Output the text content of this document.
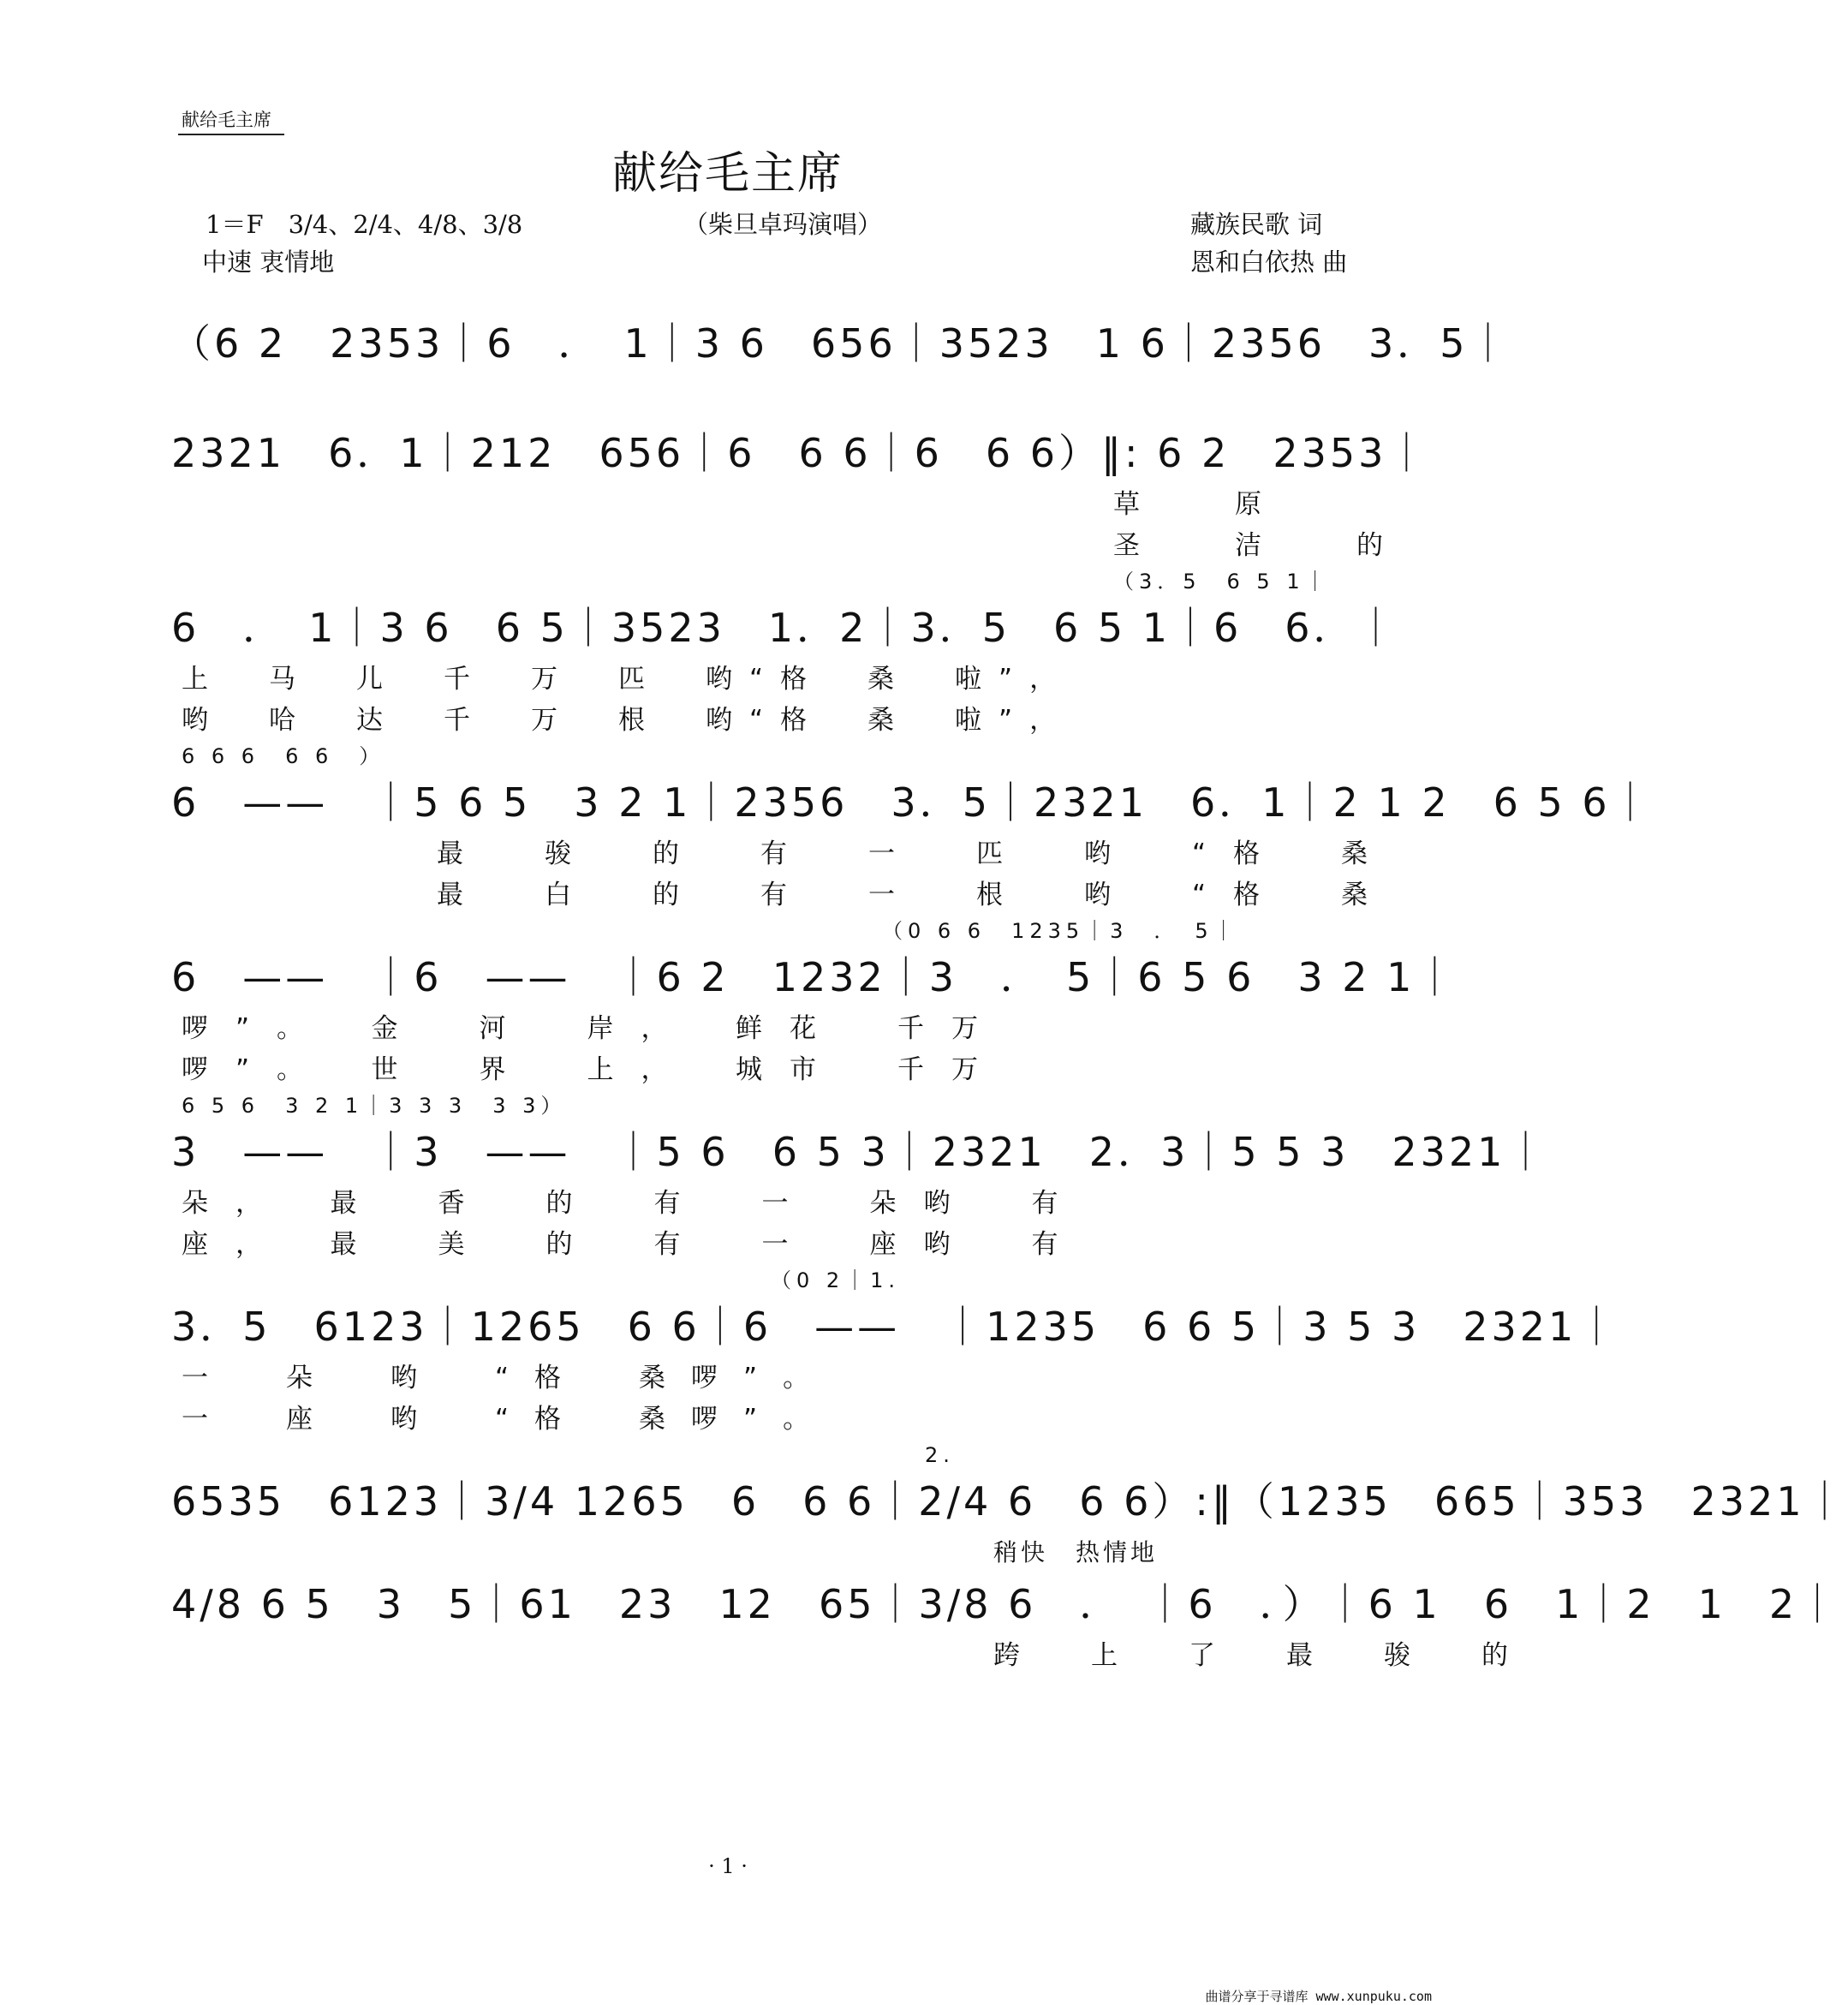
献给毛主席
献给毛主席
1＝F　3/4、2/4、4/8、3/8
中速 衷情地
（柴旦卓玛演唱）	藏族民歌 词
恩和白依热 曲
（6 2　2353｜6　．　1｜3 6　656｜3523　1 6｜2356　3．5｜
2321　6．1｜212　656｜6　6 6｜6　6 6）‖: 6 2　2353｜
草　原
圣　洁　的
（3．5　6 5 1｜
6　．　1｜3 6　6 5｜3523　1．2｜3．5　6 5 1｜6　6．｜
上　马　儿　千　万　匹　哟“格　桑　啦”，
哟　哈　达　千　万　根　哟“格　桑　啦”，
6 6 6　6 6　）
6　——　｜5 6 5　3 2 1｜2356　3．5｜2321　6．1｜2 1 2　6 5 6｜
最　骏　的　有　一　匹　哟　“格　桑
最　白　的　有　一　根　哟　“格　桑
（0 6 6　1235｜3　．　5｜
6　——　｜6　——　｜6 2　1232｜3　．　5｜6 5 6　3 2 1｜
啰”。　金　河　岸，　鲜花　千万
啰”。　世　界　上，　城市　千万
6 5 6　3 2 1｜3 3 3　3 3）
3　——　｜3　——　｜5 6　6 5 3｜2321　2．3｜5 5 3　2321｜
朵，　最　香　的　有　一　朵哟　有
座，　最　美　的　有　一　座哟　有
（0 2｜1.
3．5　6123｜1265　6 6｜6　——　｜1235　6 6 5｜3 5 3　2321｜
一　朵　哟　“格　桑啰”。
一　座　哟　“格　桑啰”。
2.
6535　6123｜3/4 1265　6　6 6｜2/4 6　6 6）:‖（1235　665｜353　2321｜
稍快　热情地
4/8 6 5　3　5｜61　23　12　65｜3/8 6　．　｜6　．）｜6 1　6　1｜2　1　2｜
跨　上　了　最　骏　的
· 1 ·
曲谱分享于寻谱库 www.xunpuku.com
